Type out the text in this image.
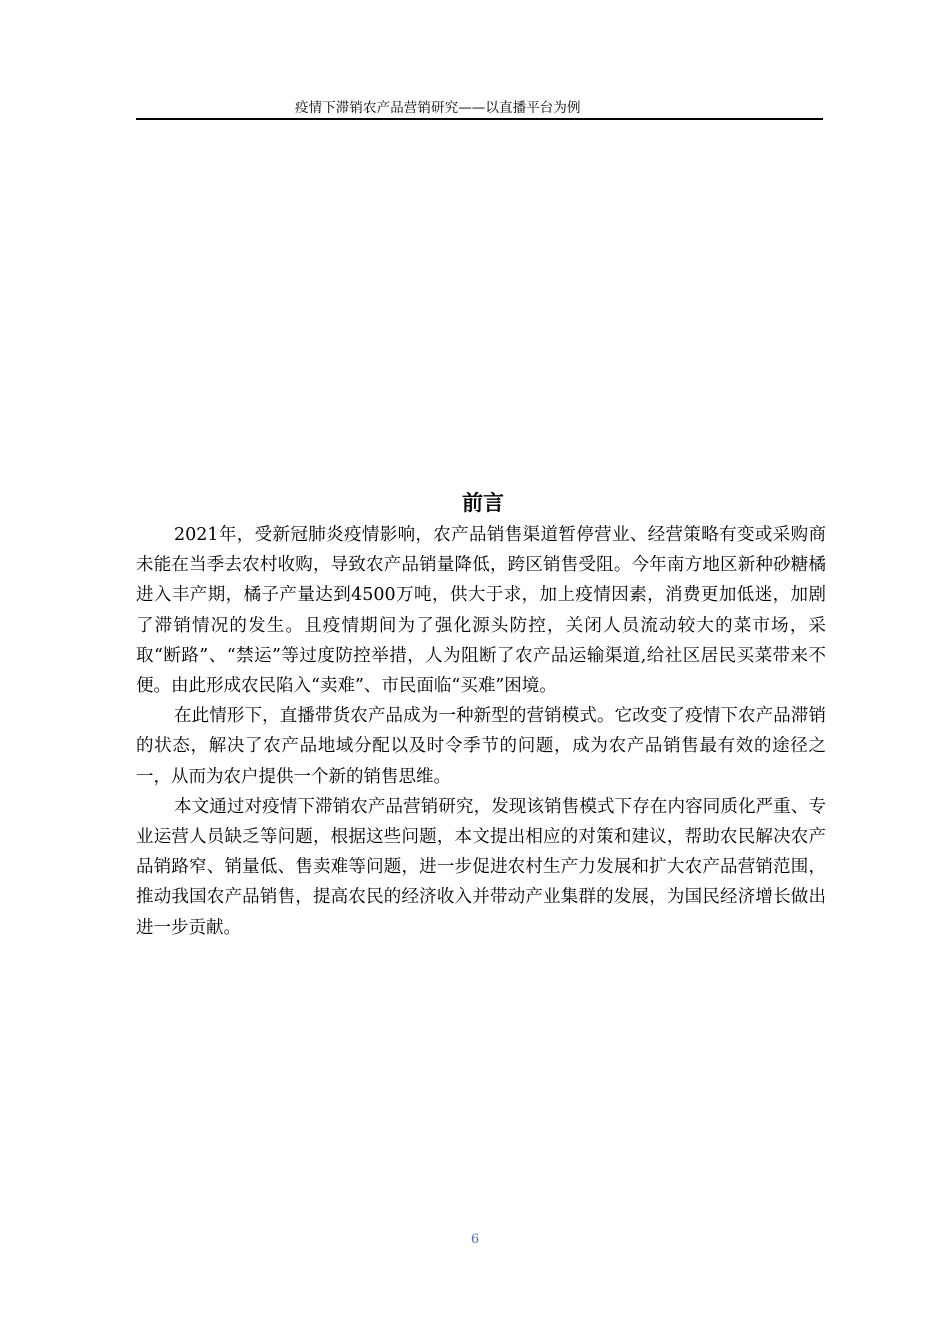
疫情下滞销农产品营销研究——以直播平台为例
前言

2021年，受新冠肺炎疫情影响，农产品销售渠道暂停营业、经营策略有变或采购商未能在当季去农村收购，导致农产品销量降低，跨区销售受阻。今年南方地区新种砂糖橘进入丰产期，橘子产量达到4500万吨，供大于求，加上疫情因素，消费更加低迷，加剧了滞销情况的发生。且疫情期间为了强化源头防控，关闭人员流动较大的菜市场，采取“断路”、“禁运”等过度防控举措，人为阻断了农产品运输渠道,给社区居民买菜带来不便。由此形成农民陷入“卖难”、市民面临“买难”困境。

在此情形下，直播带货农产品成为一种新型的营销模式。它改变了疫情下农产品滞销的状态，解决了农产品地域分配以及时令季节的问题，成为农产品销售最有效的途径之一，从而为农户提供一个新的销售思维。

本文通过对疫情下滞销农产品营销研究，发现该销售模式下存在内容同质化严重、专业运营人员缺乏等问题，根据这些问题，本文提出相应的对策和建议，帮助农民解决农产品销路窄、销量低、售卖难等问题，进一步促进农村生产力发展和扩大农产品营销范围，推动我国农产品销售，提高农民的经济收入并带动产业集群的发展，为国民经济增长做出进一步贡献。

6
